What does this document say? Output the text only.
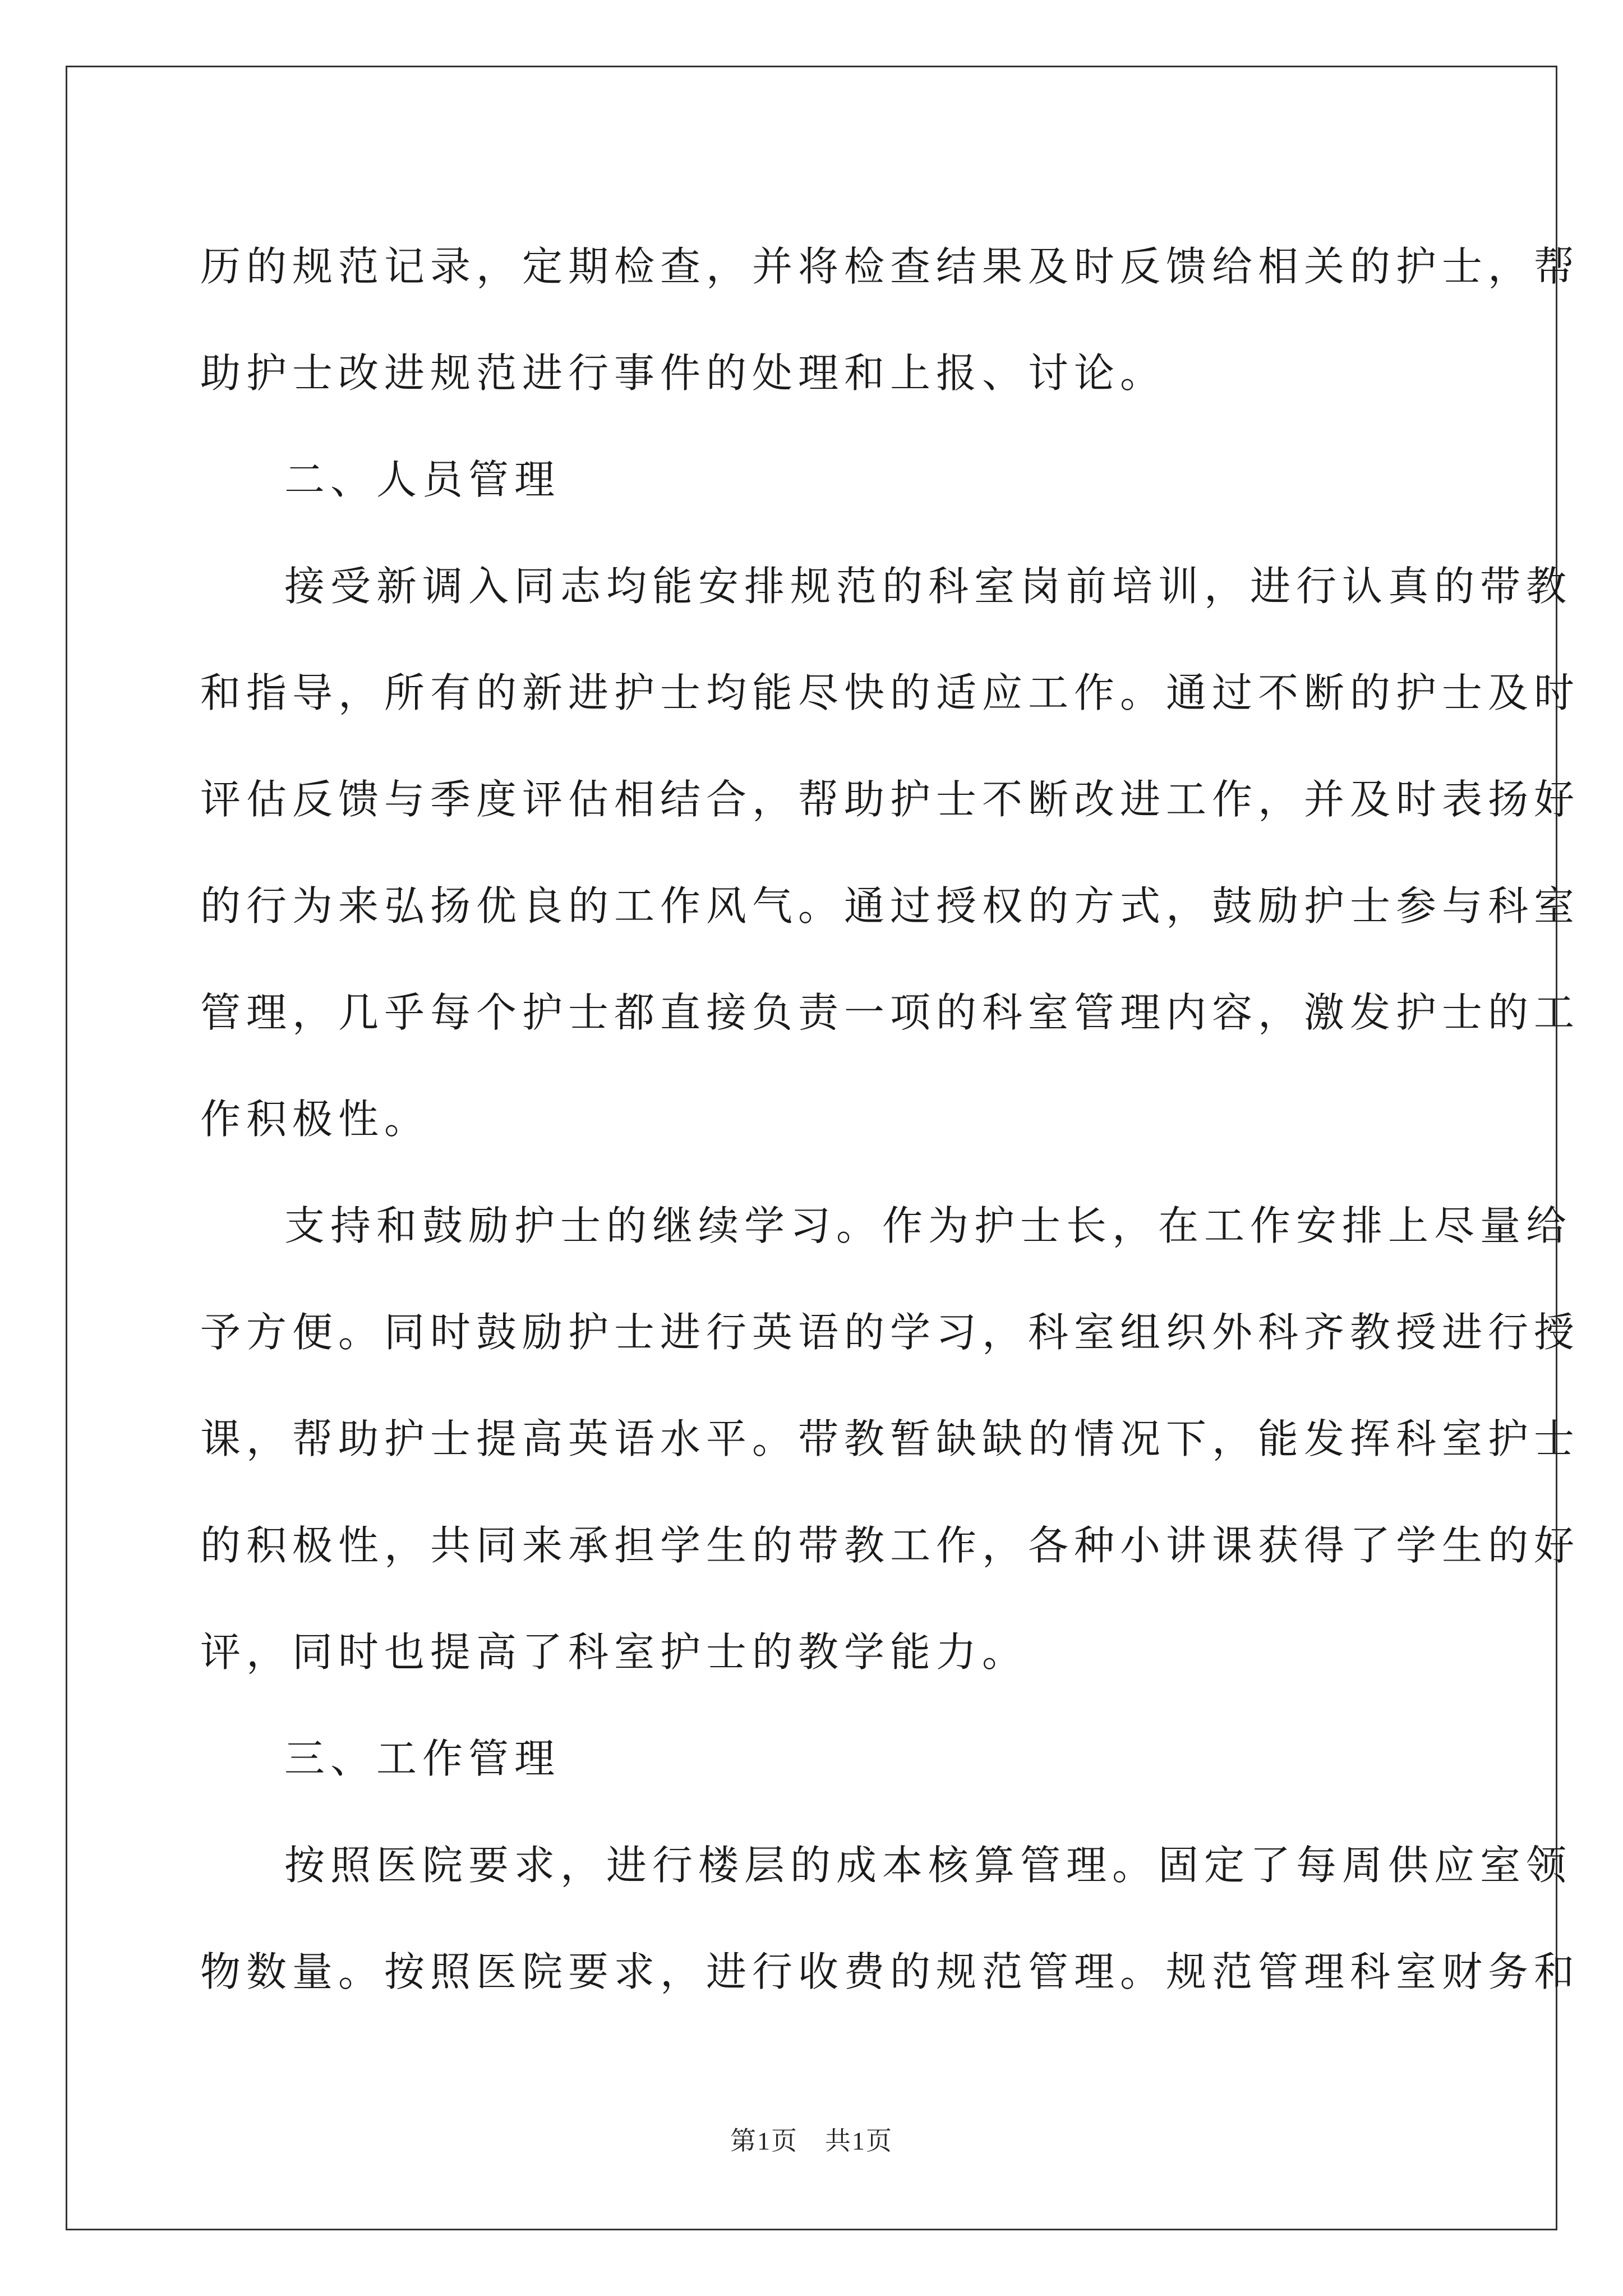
历的规范记录，定期检查，并将检查结果及时反馈给相关的护士，帮
助护士改进规范进行事件的处理和上报、讨论。
二、人员管理
接受新调入同志均能安排规范的科室岗前培训，进行认真的带教
和指导，所有的新进护士均能尽快的适应工作。通过不断的护士及时
评估反馈与季度评估相结合，帮助护士不断改进工作，并及时表扬好
的行为来弘扬优良的工作风气。通过授权的方式，鼓励护士参与科室
管理，几乎每个护士都直接负责一项的科室管理内容，激发护士的工
作积极性。
支持和鼓励护士的继续学习。作为护士长，在工作安排上尽量给
予方便。同时鼓励护士进行英语的学习，科室组织外科齐教授进行授
课，帮助护士提高英语水平。带教暂缺缺的情况下，能发挥科室护士
的积极性，共同来承担学生的带教工作，各种小讲课获得了学生的好
评，同时也提高了科室护士的教学能力。
三、工作管理
按照医院要求，进行楼层的成本核算管理。固定了每周供应室领
物数量。按照医院要求，进行收费的规范管理。规范管理科室财务和
第1页　共1页
